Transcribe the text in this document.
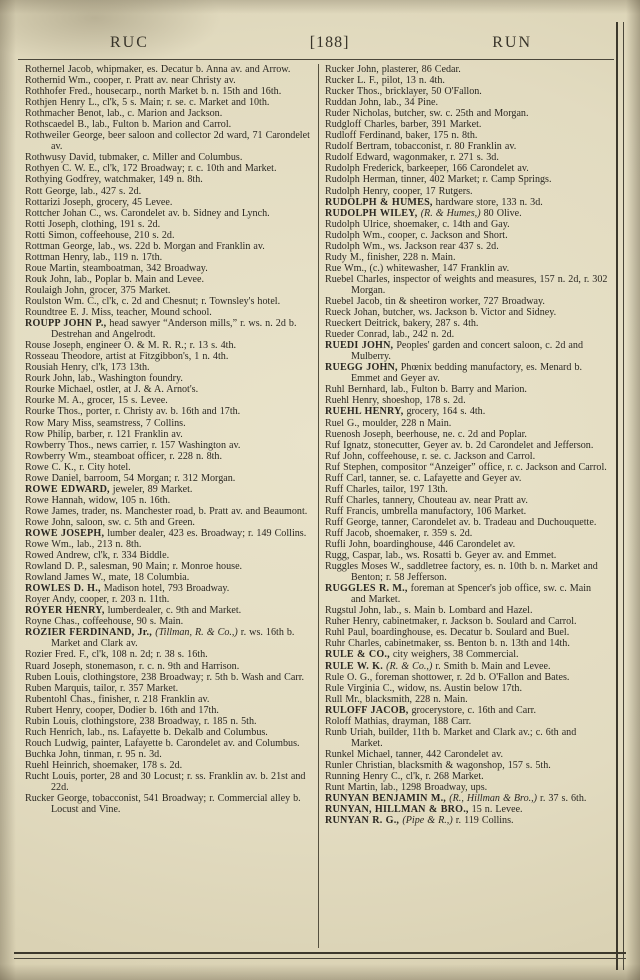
RUC	[188]	RUN

Rothernel Jacob, whipmaker, es. Decatur b. Anna av. and Arrow.

Rothernid Wm., cooper, r. Pratt av. near Christy av.

Rothhofer Fred., housecarp., north Market b. n. 15th and 16th.

Rothjen Henry L., cl'k, 5 s. Main; r. se. c. Market and 10th.

Rothmacher Benot, lab., c. Marion and Jackson.

Rothscaedel B., lab., Fulton b. Marion and Carrol.

Rothweiler George, beer saloon and collector 2d ward, 71 Carondelet av.

Rothwusy David, tubmaker, c. Miller and Columbus.

Rothyen C. W. E., cl'k, 172 Broadway; r. c. 10th and Market.

Rothying Godfrey, watchmaker, 149 n. 8th.

Rott George, lab., 427 s. 2d.

Rottarizi Joseph, grocery, 45 Levee.

Rottcher Johan C., ws. Carondelet av. b. Sidney and Lynch.

Rotti Joseph, clothing, 191 s. 2d.

Rotti Simon, coffeehouse, 210 s. 2d.

Rottman George, lab., ws. 22d b. Morgan and Franklin av.

Rottman Henry, lab., 119 n. 17th.

Roue Martin, steamboatman, 342 Broadway.

Rouk John, lab., Poplar b. Main and Levee.

Roulaigh John, grocer, 375 Market.

Roulston Wm. C., cl'k, c. 2d and Chesnut; r. Townsley's hotel.

Roundtree E. J. Miss, teacher, Mound school.

ROUPP JOHN P., head sawyer “Anderson mills,” r. ws. n. 2d b. Destrehan and Angelrodt.

Rouse Joseph, engineer O. & M. R. R.; r. 13 s. 4th.

Rosseau Theodore, artist at Fitzgibbon's, 1 n. 4th.

Rousiah Henry, cl'k, 173 13th.

Rourk John, lab., Washington foundry.

Rourke Michael, ostler, at J. & A. Arnot's.

Rourke M. A., grocer, 15 s. Levee.

Rourke Thos., porter, r. Christy av. b. 16th and 17th.

Row Mary Miss, seamstress, 7 Collins.

Row Philip, barber, r. 121 Franklin av.

Rowberry Thos., news carrier, r. 157 Washington av.

Rowberry Wm., steamboat officer, r. 228 n. 8th.

Rowe C. K., r. City hotel.

Rowe Daniel, barroom, 54 Morgan; r. 312 Morgan.

ROWE EDWARD, jeweler, 89 Market.

Rowe Hannah, widow, 105 n. 16th.

Rowe James, trader, ns. Manchester road, b. Pratt av. and Beaumont.

Rowe John, saloon, sw. c. 5th and Green.

ROWE JOSEPH, lumber dealer, 423 es. Broadway; r. 149 Collins.

Rowe Wm., lab., 213 n. 8th.

Rowed Andrew, cl'k, r. 334 Biddle.

Rowland D. P., salesman, 90 Main; r. Monroe house.

Rowland James W., mate, 18 Columbia.

ROWLES D. H., Madison hotel, 793 Broadway.

Royer Andy, cooper, r. 203 n. 11th.

ROYER HENRY, lumberdealer, c. 9th and Market.

Royne Chas., coffeehouse, 90 s. Main.

ROZIER FERDINAND, Jr., (Tillman, R. & Co.,) r. ws. 16th b. Market and Clark av.

Rozier Fred. F., cl'k, 108 n. 2d; r. 38 s. 16th.

Ruard Joseph, stonemason, r. c. n. 9th and Harrison.

Ruben Louis, clothingstore, 238 Broadway; r. 5th b. Wash and Carr.

Ruben Marquis, tailor, r. 357 Market.

Rubentohl Chas., finisher, r. 218 Franklin av.

Rubert Henry, cooper, Dodier b. 16th and 17th.

Rubin Louis, clothingstore, 238 Broadway, r. 185 n. 5th.

Ruch Henrich, lab., ns. Lafayette b. Dekalb and Columbus.

Rouch Ludwig, painter, Lafayette b. Carondelet av. and Columbus.

Buchka John, tinman, r. 95 n. 3d.

Ruehl Heinrich, shoemaker, 178 s. 2d.

Rucht Louis, porter, 28 and 30 Locust; r. ss. Franklin av. b. 21st and 22d.

Rucker George, tobacconist, 541 Broadway; r. Commercial alley b. Locust and Vine.

Rucker John, plasterer, 86 Cedar.

Rucker L. F., pilot, 13 n. 4th.

Rucker Thos., bricklayer, 50 O'Fallon.

Ruddan John, lab., 34 Pine.

Ruder Nicholas, butcher, sw. c. 25th and Morgan.

Rudgloff Charles, barber, 391 Market.

Rudloff Ferdinand, baker, 175 n. 8th.

Rudolf Bertram, tobacconist, r. 80 Franklin av.

Rudolf Edward, wagonmaker, r. 271 s. 3d.

Rudolph Frederick, barkeeper, 166 Carondelet av.

Rudolph Herman, tinner, 402 Market; r. Camp Springs.

Rudolph Henry, cooper, 17 Rutgers.

RUDOLPH & HUMES, hardware store, 133 n. 3d.

RUDOLPH WILEY, (R. & Humes,) 80 Olive.

Rudolph Ulrice, shoemaker, c. 14th and Gay.

Rudolph Wm., cooper, c. Jackson and Short.

Rudolph Wm., ws. Jackson rear 437 s. 2d.

Rudy M., finisher, 228 n. Main.

Rue Wm., (c.) whitewasher, 147 Franklin av.

Ruebel Charles, inspector of weights and measures, 157 n. 2d, r. 302 Morgan.

Ruebel Jacob, tin & sheetiron worker, 727 Broadway.

Rueck Johan, butcher, ws. Jackson b. Victor and Sidney.

Rueckert Deitrick, bakery, 287 s. 4th.

Rueder Conrad, lab., 242 n. 2d.

RUEDI JOHN, Peoples' garden and concert saloon, c. 2d and Mulberry.

RUEGG JOHN, Phœnix bedding manufactory, es. Menard b. Emmet and Geyer av.

Ruhl Bernhard, lab., Fulton b. Barry and Marion.

Ruehl Henry, shoeshop, 178 s. 2d.

RUEHL HENRY, grocery, 164 s. 4th.

Ruel G., moulder, 228 n Main.

Ruenosh Joseph, beerhouse, ne. c. 2d and Poplar.

Ruf Ignatz, stonecutter, Geyer av. b. 2d Carondelet and Jefferson.

Ruf John, coffeehouse, r. se. c. Jackson and Carrol.

Ruf Stephen, compositor “Anzeiger” office, r. c. Jackson and Carrol.

Ruff Carl, tanner, se. c. Lafayette and Geyer av.

Ruff Charles, tailor, 197 13th.

Ruff Charles, tannery, Chouteau av. near Pratt av.

Ruff Francis, umbrella manufactory, 106 Market.

Ruff George, tanner, Carondelet av. b. Tradeau and Duchouquette.

Ruff Jacob, shoemaker, r. 359 s. 2d.

Rufli John, boardinghouse, 446 Carondelet av.

Rugg, Caspar, lab., ws. Rosatti b. Geyer av. and Emmet.

Ruggles Moses W., saddletree factory, es. n. 10th b. n. Market and Benton; r. 58 Jefferson.

RUGGLES R. M., foreman at Spencer's job office, sw. c. Main and Market.

Rugstul John, lab., s. Main b. Lombard and Hazel.

Ruher Henry, cabinetmaker, r. Jackson b. Soulard and Carrol.

Ruhl Paul, boardinghouse, es. Decatur b. Soulard and Buel.

Ruhr Charles, cabinetmaker, ss. Benton b. n. 13th and 14th.

RULE & CO., city weighers, 38 Commercial.

RULE W. K. (R. & Co.,) r. Smith b. Main and Levee.

Rule O. G., foreman shottower, r. 2d b. O'Fallon and Bates.

Rule Virginia C., widow, ns. Austin below 17th.

Rull Mr., blacksmith, 228 n. Main.

RULOFF JACOB, grocerystore, c. 16th and Carr.

Roloff Mathias, drayman, 188 Carr.

Runb Uriah, builder, 11th b. Market and Clark av.; c. 6th and Market.

Runkel Michael, tanner, 442 Carondelet av.

Runler Christian, blacksmith & wagonshop, 157 s. 5th.

Running Henry C., cl'k, r. 268 Market.

Runt Martin, lab., 1298 Broadway, ups.

RUNYAN BENJAMIN M., (R., Hillman & Bro.,) r. 37 s. 6th.

RUNYAN, HILLMAN & BRO., 15 n. Levee.

RUNYAN R. G., (Pipe & R.,) r. 119 Collins.
